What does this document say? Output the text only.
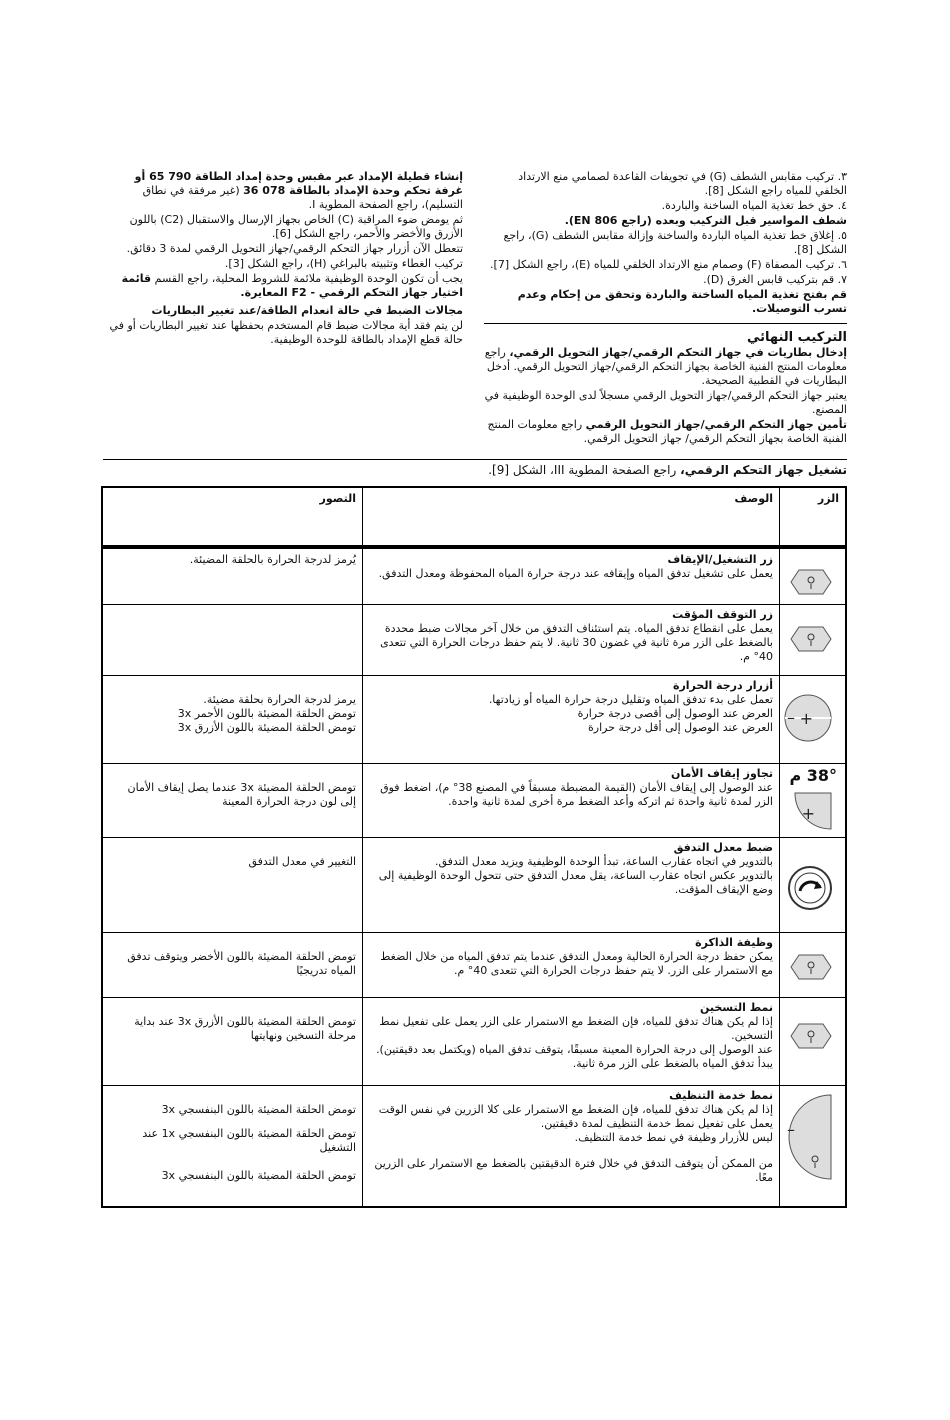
٣. تركيب مقابس الشطف (G) في تجويفات القاعدة لصمامي منع الارتداد الخلفي للمياه راجع الشكل [8].

٤. حق خط تغذية المياه الساخنة والباردة.

شطف المواسير قبل التركيب وبعده (راجع EN 806).

٥. إغلاق خط تغذية المياه الباردة والساخنة وإزالة مقابس الشطف (G)، راجع الشكل [8].

٦. تركيب المصفاة (F) وصمام منع الارتداد الخلفي للمياه (E)، راجع الشكل [7].

٧. قم بتركيب قابس الغرق (D).

قم بفتح تغذية المياه الساخنة والباردة وتحقق من إحكام وعدم تسرب التوصيلات.

التركيب النهائي

إدخال بطاريات في جهاز التحكم الرقمي/جهاز التحويل الرقمي، راجع معلومات المنتج الفنية الخاصة بجهاز التحكم الرقمي/جهاز التحويل الرقمي. أدخل البطاريات في القطبية الصحيحة.

يعتبر جهاز التحكم الرقمي/جهاز التحويل الرقمي مسجلاً لدى الوحدة الوظيفية في المصنع.

تأمين جهاز التحكم الرقمي/جهاز التحويل الرقمي راجع معلومات المنتج الفنية الخاصة بجهاز التحكم الرقمي/ جهاز التحويل الرقمي.

إنشاء قطيلة الإمداد عبر مقبس وحدة إمداد الطاقة 790 65 أو غرفة تحكم وحدة الإمداد بالطاقة 078 36 (غير مرفقة في نطاق التسليم)، راجع الصفحة المطوية I.

ثم يومض ضوء المراقبة (C) الخاص بجهاز الإرسال والاستقبال (C2) باللون الأزرق والأخضر والأحمر، راجع الشكل [6].

تتعطل الآن أزرار جهاز التحكم الرقمي/جهاز التحويل الرقمي لمدة 3 دقائق.

تركيب الغطاء وتثبيته بالبراغي (H)، راجع الشكل [3].

يجب أن تكون الوحدة الوظيفية ملائمة للشروط المحلية، راجع القسم قائمة اختيار جهاز التحكم الرقمي - F2 المعايرة.

مجالات الضبط في حالة انعدام الطاقة/عند تغيير البطاريات

لن يتم فقد أية مجالات ضبط قام المستخدم بحفظها عند تغيير البطاريات أو في حالة قطع الإمداد بالطاقة للوحدة الوظيفية.

تشغيل جهاز التحكم الرقمي، راجع الصفحة المطوية III، الشكل [9].
الزر
الوصف
التصور
زر التشغيل/الإيقاف
يعمل على تشغيل تدفق المياه وإيقافه عند درجة حرارة المياه المحفوظة ومعدل التدفق.
يُرمز لدرجة الحرارة بالحلقة المضيئة.
زر التوقف المؤقت
يعمل على انقطاع تدفق المياه. يتم استئناف التدفق من خلال آخر مجالات ضبط محددة بالضغط على الزر مرة ثانية في غضون 30 ثانية. لا يتم حفظ درجات الحرارة التي تتعدى 40° م.
– +
أزرار درجة الحرارة
تعمل على بدء تدفق المياه وتقليل درجة حرارة المياه أو زيادتها.
العرض عند الوصول إلى أقصى درجة حرارة
العرض عند الوصول إلى أقل درجة حرارة
يرمز لدرجة الحرارة بحلقة مضيئة.
تومض الحلقة المضيئة باللون الأحمر 3x
تومض الحلقة المضيئة باللون الأزرق 3x
38° م
+
تجاوز إيقاف الأمان
عند الوصول إلى إيقاف الأمان (القيمة المضبطة مسبقاً في المصنع 38° م)، اضغط فوق الزر لمدة ثانية واحدة ثم اتركه وأعد الضغط مرة أخرى لمدة ثانية واحدة.
تومض الحلقة المضيئة 3x عندما يصل إيقاف الأمان إلى لون درجة الحرارة المعينة
ضبط معدل التدفق
بالتدوير في اتجاه عقارب الساعة، تبدأ الوحدة الوظيفية ويزيد معدل التدفق.
بالتدوير عكس اتجاه عقارب الساعة، يقل معدل التدفق حتى تتحول الوحدة الوظيفية إلى وضع الإيقاف المؤقت.
التغيير في معدل التدفق
وظيفة الذاكرة
يمكن حفظ درجة الحرارة الحالية ومعدل التدفق عندما يتم تدفق المياه من خلال الضغط مع الاستمرار على الزر. لا يتم حفظ درجات الحرارة التي تتعدى 40° م.
تومض الحلقة المضيئة باللون الأخضر ويتوقف تدفق المياه تدريجيًا
نمط التسخين
إذا لم يكن هناك تدفق للمياه، فإن الضغط مع الاستمرار على الزر يعمل على تفعيل نمط التسخين.
عند الوصول إلى درجة الحرارة المعينة مسبقًا، يتوقف تدفق المياه (ويكتمل بعد دقيقتين). يبدأ تدفق المياه بالضغط على الزر مرة ثانية.
تومض الحلقة المضيئة باللون الأزرق 3x عند بداية مرحلة التسخين ونهايتها
–
نمط خدمة التنظيف
إذا لم يكن هناك تدفق للمياه، فإن الضغط مع الاستمرار على كلا الزرين في نفس الوقت يعمل على تفعيل نمط خدمة التنظيف لمدة دقيقتين.
ليس للأزرار وظيفة في نمط خدمة التنظيف.
من الممكن أن يتوقف التدفق في خلال فترة الدقيقتين بالضغط مع الاستمرار على الزرين معًا.
تومض الحلقة المضيئة باللون البنفسجي 3x
تومض الحلقة المضيئة باللون البنفسجي 1x عند التشغيل
تومض الحلقة المضيئة باللون البنفسجي 3x
